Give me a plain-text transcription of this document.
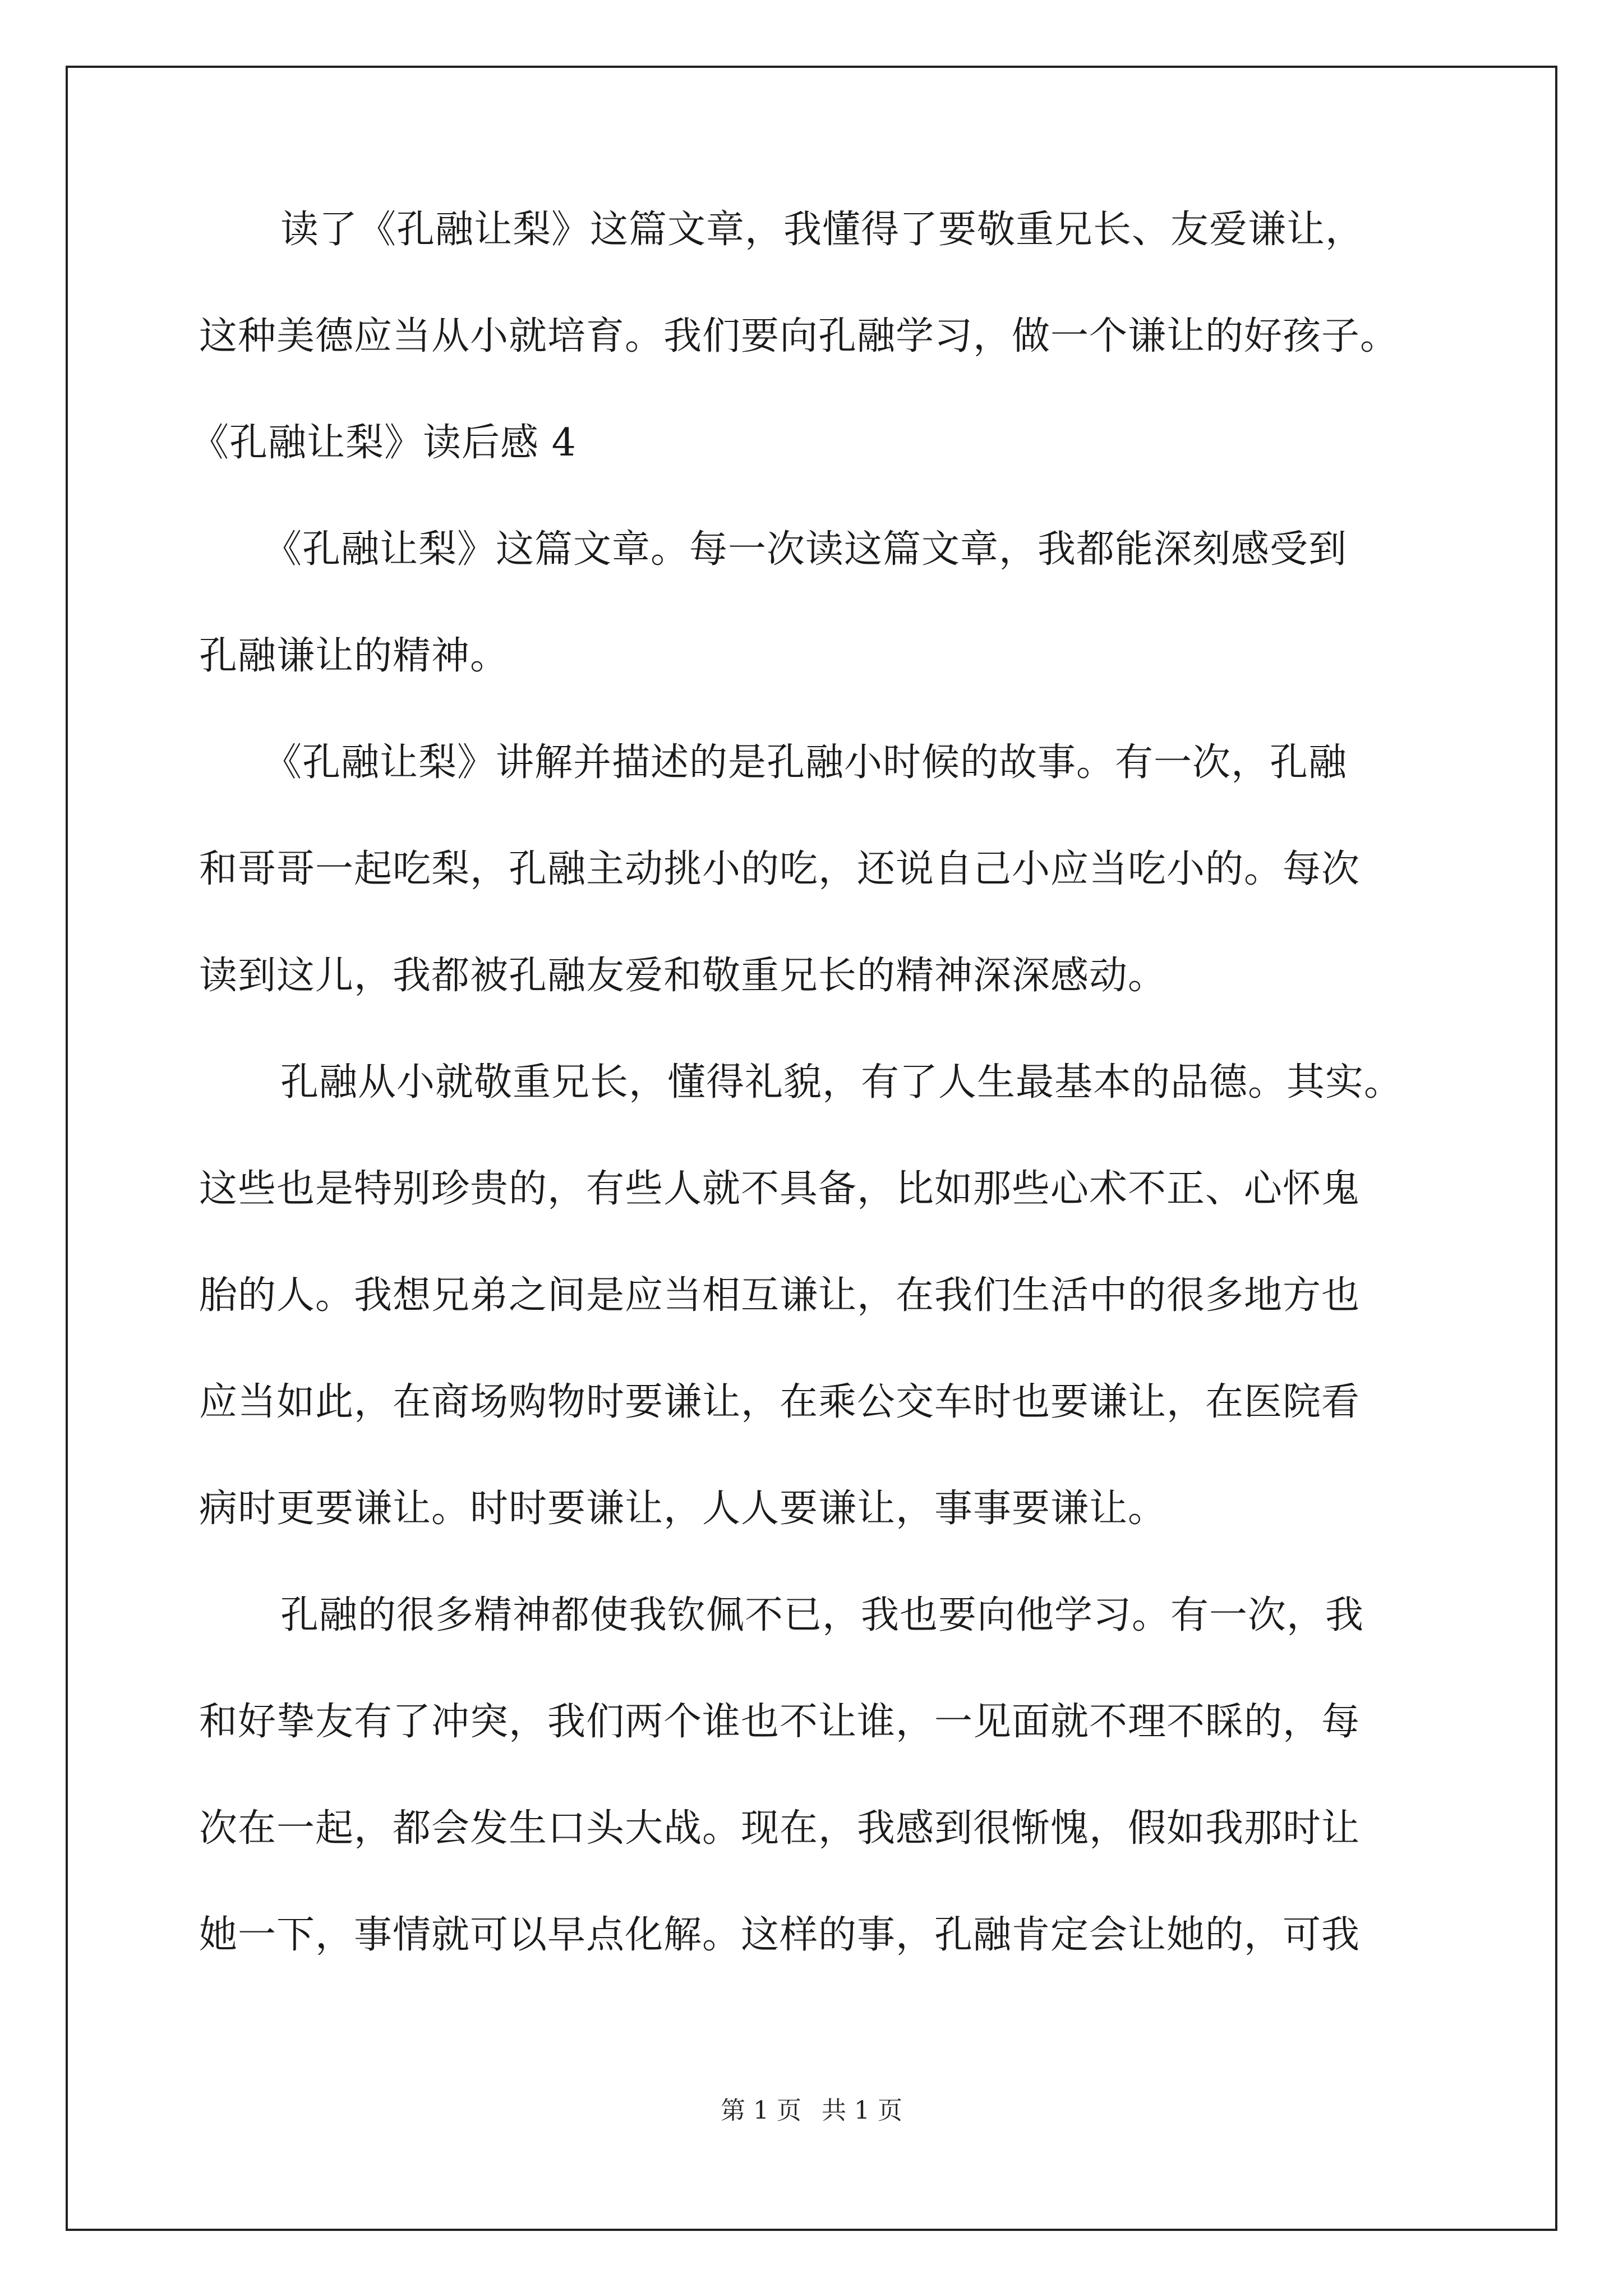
读了《孔融让梨》这篇文章，我懂得了要敬重兄长、友爱谦让，
这种美德应当从小就培育。我们要向孔融学习，做一个谦让的好孩子。
《孔融让梨》读后感 4
《孔融让梨》这篇文章。每一次读这篇文章，我都能深刻感受到
孔融谦让的精神。
《孔融让梨》讲解并描述的是孔融小时候的故事。有一次，孔融
和哥哥一起吃梨，孔融主动挑小的吃，还说自己小应当吃小的。每次
读到这儿，我都被孔融友爱和敬重兄长的精神深深感动。
孔融从小就敬重兄长，懂得礼貌，有了人生最基本的品德。其实。
这些也是特别珍贵的，有些人就不具备，比如那些心术不正、心怀鬼
胎的人。我想兄弟之间是应当相互谦让，在我们生活中的很多地方也
应当如此，在商场购物时要谦让，在乘公交车时也要谦让，在医院看
病时更要谦让。时时要谦让，人人要谦让，事事要谦让。
孔融的很多精神都使我钦佩不已，我也要向他学习。有一次，我
和好挚友有了冲突，我们两个谁也不让谁，一见面就不理不睬的，每
次在一起，都会发生口头大战。现在，我感到很惭愧，假如我那时让
她一下，事情就可以早点化解。这样的事，孔融肯定会让她的，可我
第 1 页 共 1 页
